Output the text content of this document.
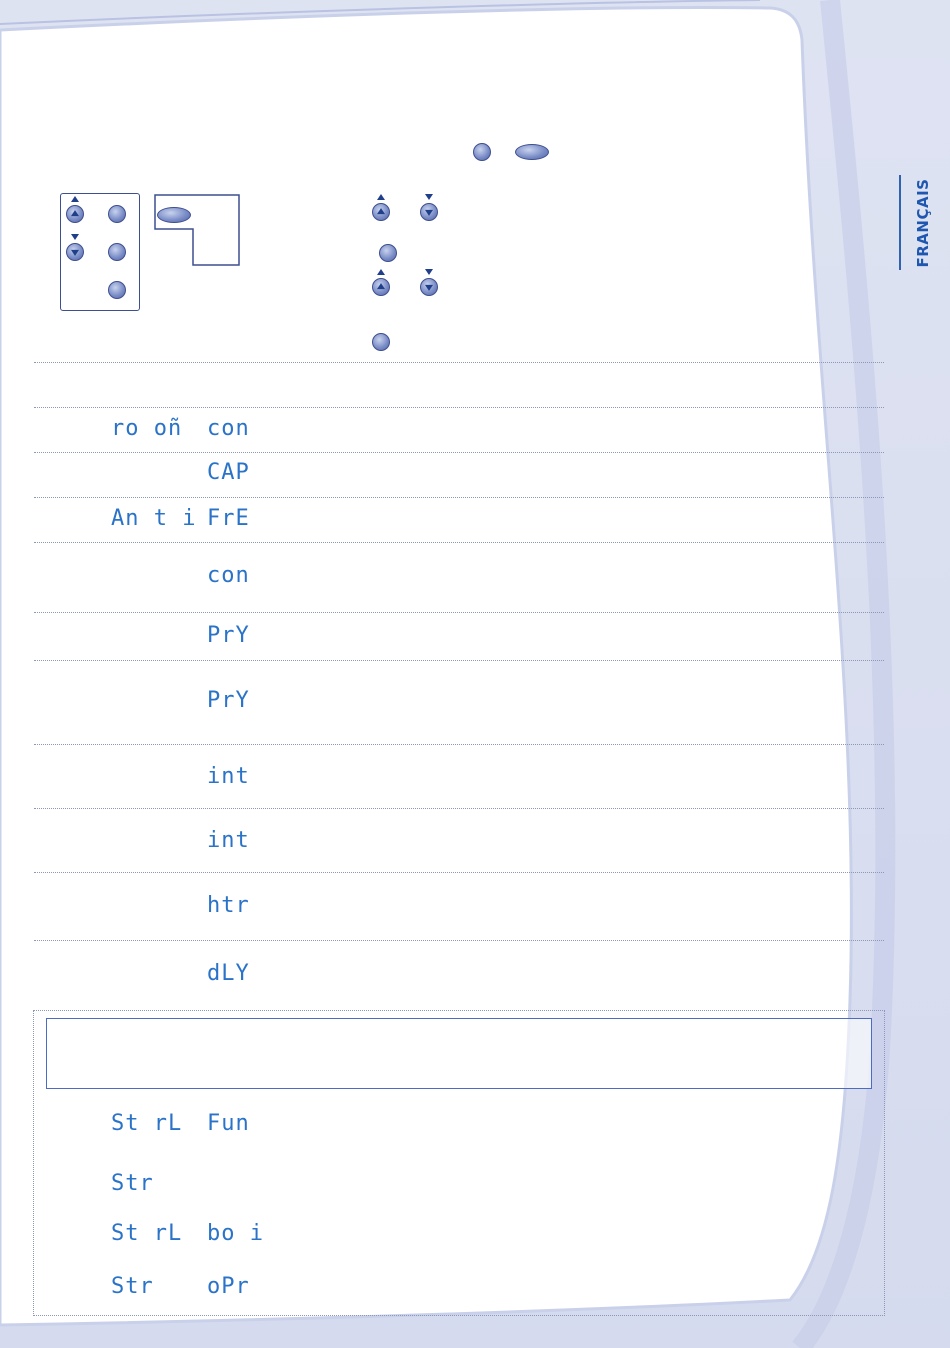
FRANÇAIS
ro oñ con
CAP
An t i FrE
con
PrY
PrY
int
int
htr
dLY
St rL Fun
Str
St rL bo i
Str oPr
